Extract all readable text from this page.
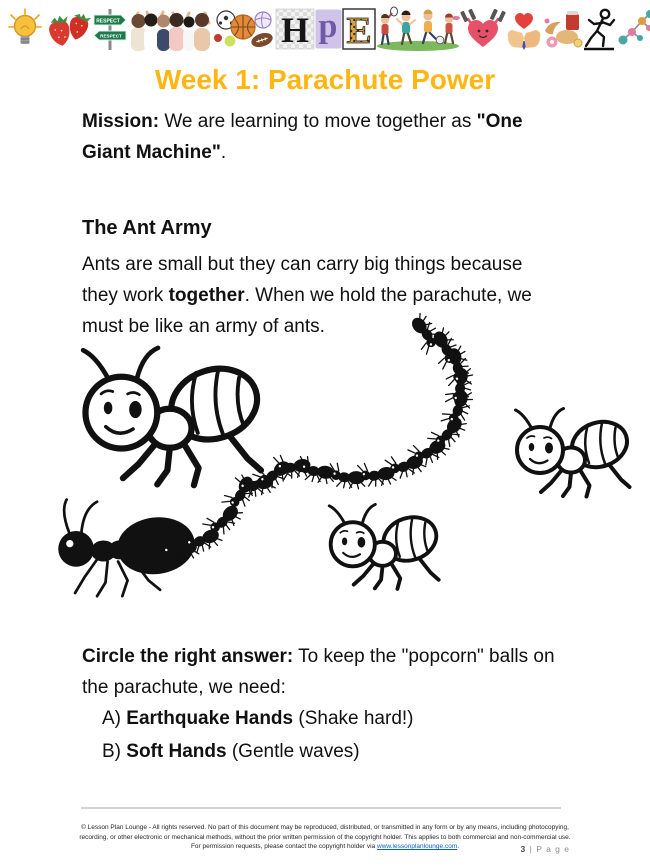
RESPECT
RESPECT	H p E
Week 1: Parachute Power

Mission: We are learning to move together as "One Giant Machine".

The Ant Army

Ants are small but they can carry big things because they work together. When we hold the parachute, we must be like an army of ants.

Circle the right answer: To keep the "popcorn" balls on the parachute, we need:

A) Earthquake Hands (Shake hard!)
B) Soft Hands (Gentle waves)

© Lesson Plan Lounge - All rights reserved. No part of this document may be reproduced, distributed, or transmitted in any form or by any means, including photocopying, recording, or other electronic or mechanical methods, without the prior written permission of the copyright holder. This applies to both commercial and non-commercial use. For permission requests, please contact the copyright holder via www.lessonplanlounge.com.	3 | P a g e
